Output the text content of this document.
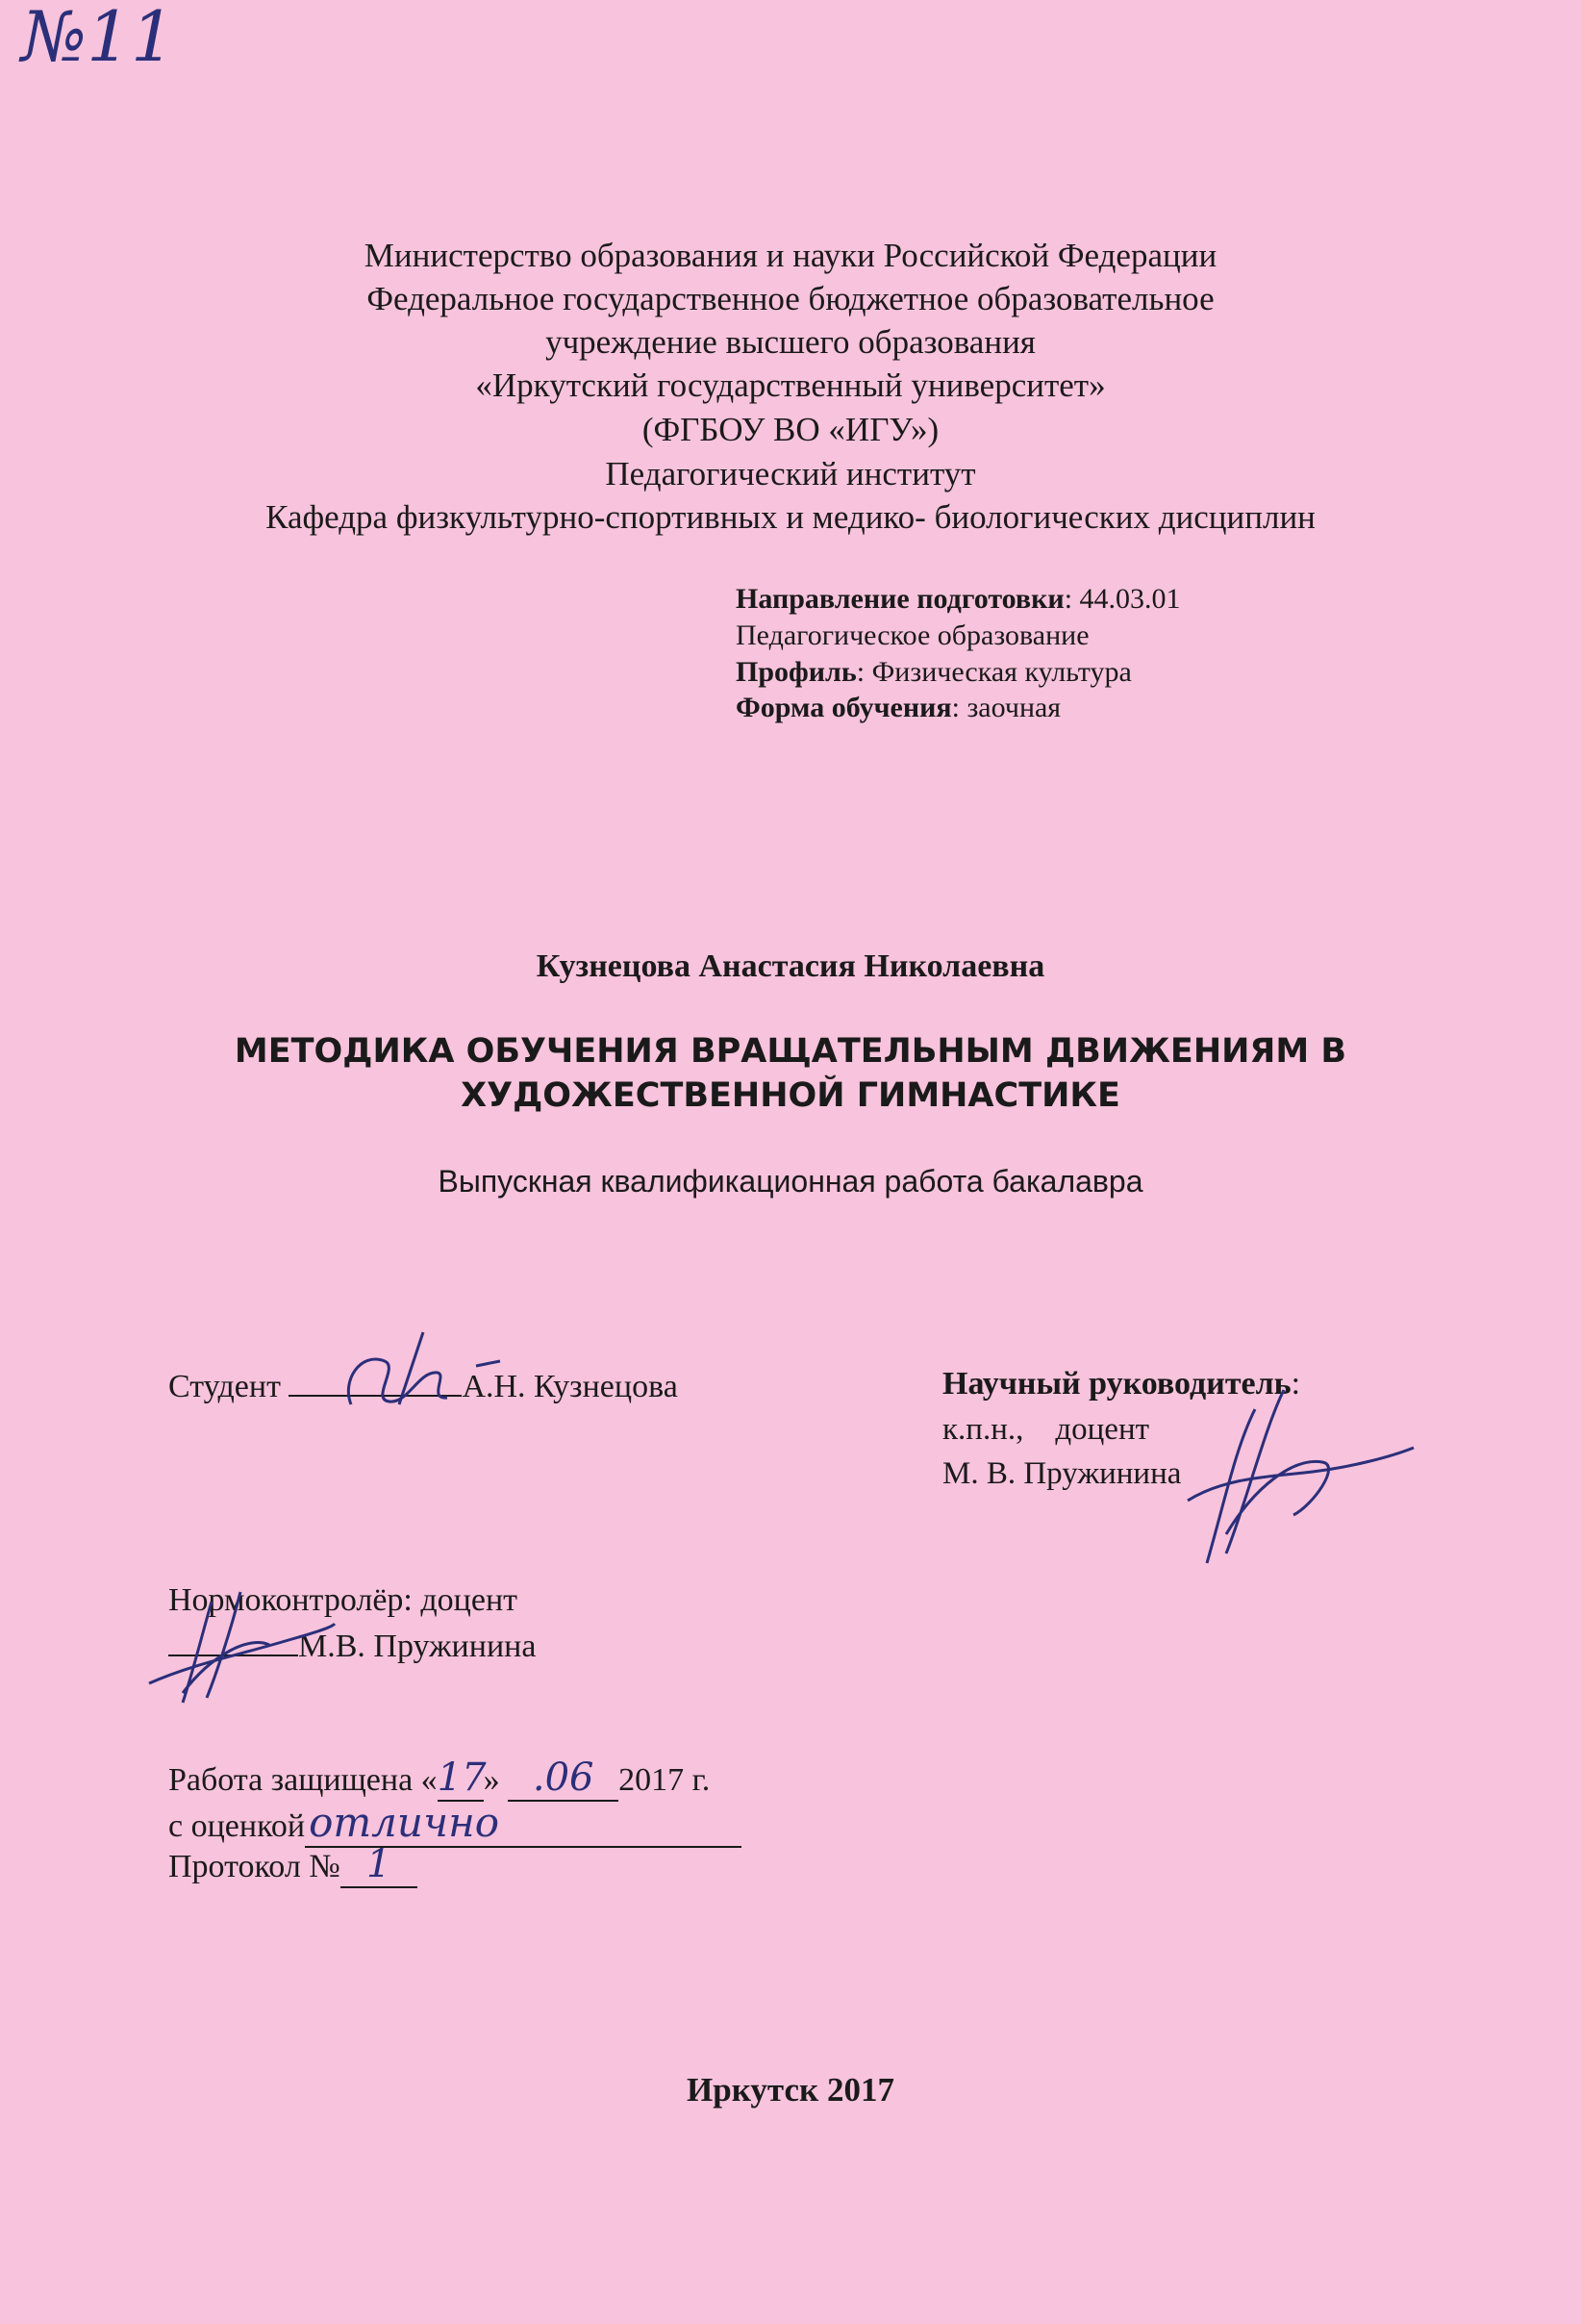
№11
Министерство образования и науки Российской Федерации
Федеральное государственное бюджетное образовательное
учреждение высшего образования
«Иркутский государственный университет»
(ФГБОУ ВО «ИГУ»)
Педагогический институт
Кафедра физкультурно-спортивных и медико- биологических дисциплин
Направление подготовки: 44.03.01
Педагогическое образование
Профиль: Физическая культура
Форма обучения: заочная
Кузнецова Анастасия Николаевна
МЕТОДИКА ОБУЧЕНИЯ ВРАЩАТЕЛЬНЫМ ДВИЖЕНИЯМ В
ХУДОЖЕСТВЕННОЙ ГИМНАСТИКЕ
Выпускная квалификационная работа бакалавра
Студент	А.Н. Кузнецова	Научный руководитель:
к.п.н., доцент
М. В. Пружинина
Нормоконтролёр: доцент
М.В. Пружинина
Работа защищена «17» .06 2017 г.
с оценкойотлично
Протокол № 1
Иркутск 2017
